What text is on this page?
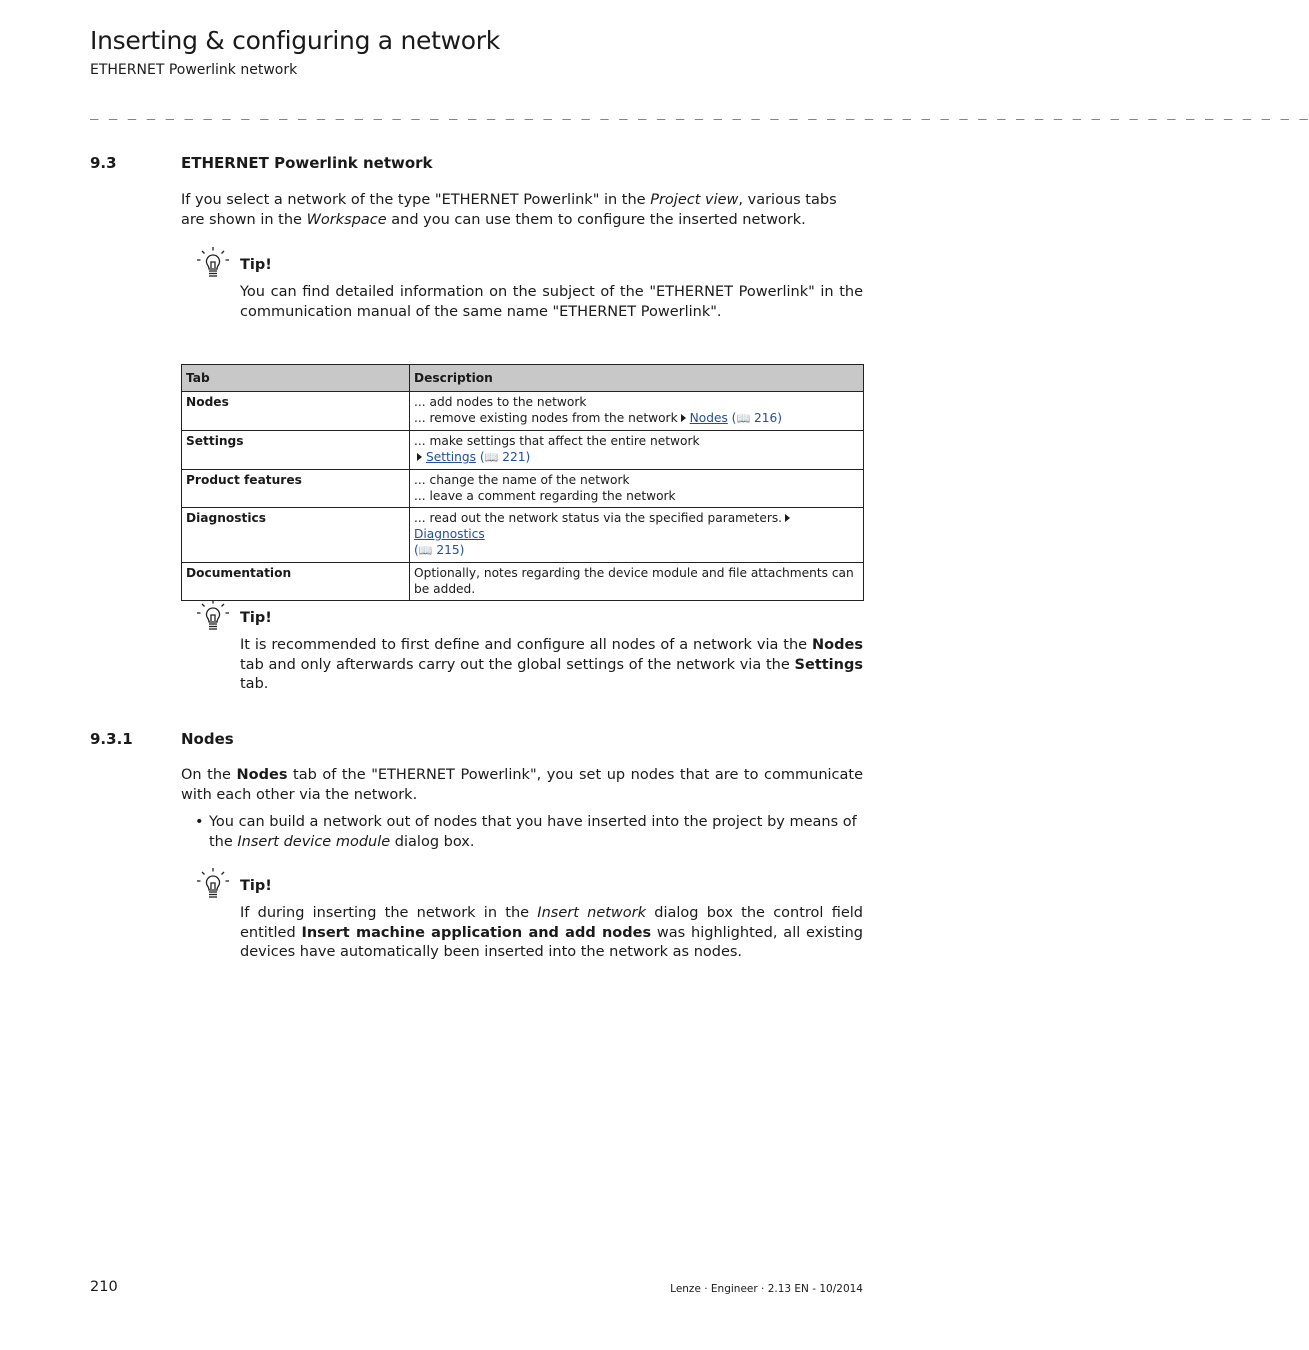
Inserting & configuring a network
ETHERNET Powerlink network
_ _ _ _ _ _ _ _ _ _ _ _ _ _ _ _ _ _ _ _ _ _ _ _ _ _ _ _ _ _ _ _ _ _ _ _ _ _ _ _ _ _ _ _ _ _ _ _ _ _ _ _ _ _ _ _ _ _ _ _ _ _ _ _ _
9.3	ETHERNET Powerlink network
If you select a network of the type "ETHERNET Powerlink" in the Project view, various tabs are shown in the Workspace and you can use them to configure the inserted network.
Tip!
You can find detailed information on the subject of the "ETHERNET Powerlink" in the communication manual of the same name "ETHERNET Powerlink".
Tab	Description
Nodes	... add nodes to the network
... remove existing nodes from the network Nodes (📖 216)

Settings	... make settings that affect the entire network
Settings (📖 221)

Product features	... change the name of the network
... leave a comment regarding the network

Diagnostics	... read out the network status via the specified parameters.Diagnostics
(📖 215)

Documentation	Optionally, notes regarding the device module and file attachments can be added.
Tip!
It is recommended to first define and configure all nodes of a network via the Nodes tab and only afterwards carry out the global settings of the network via the Settings tab.
9.3.1	Nodes
On the Nodes tab of the "ETHERNET Powerlink", you set up nodes that are to communicate with each other via the network.
• You can build a network out of nodes that you have inserted into the project by means of the Insert device module dialog box.
Tip!
If during inserting the network in the Insert network dialog box the control field entitled Insert machine application and add nodes was highlighted, all existing devices have automatically been inserted into the network as nodes.
210	Lenze · Engineer · 2.13 EN - 10/2014
